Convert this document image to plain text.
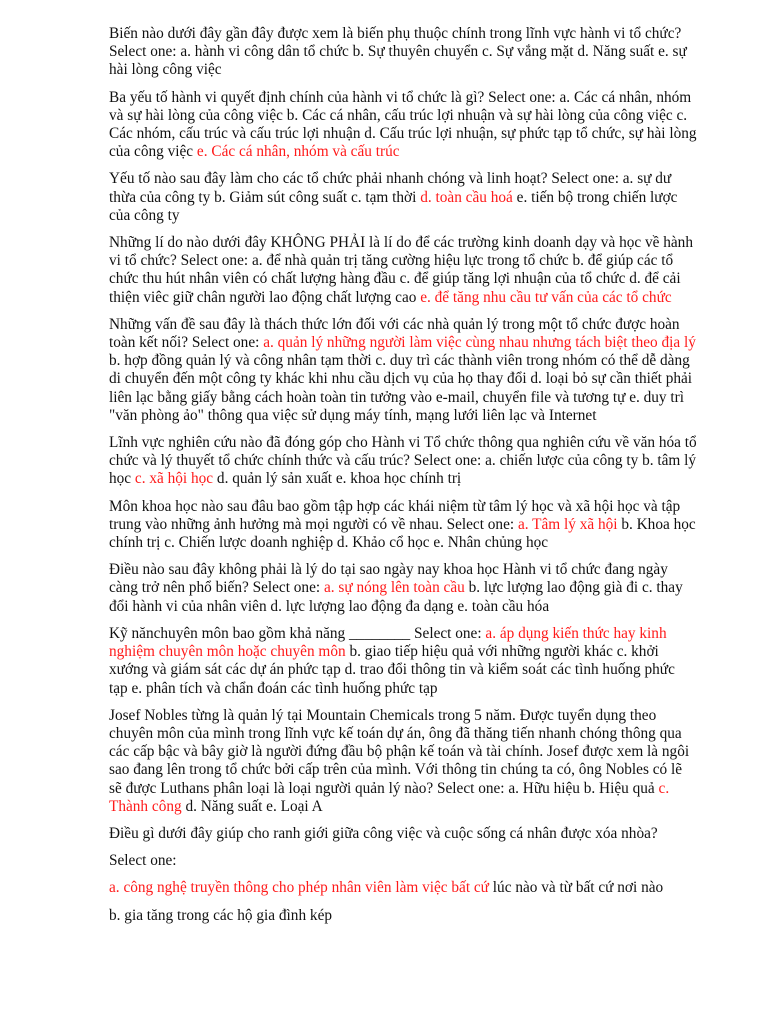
Biến nào dưới đây gần đây được xem là biến phụ thuộc chính trong lĩnh vực hành vi tổ chức? Select one: a. hành vi công dân tổ chức b. Sự thuyên chuyển c. Sự vắng mặt d. Năng suất e. sự hài lòng công việc

Ba yếu tố hành vi quyết định chính của hành vi tổ chức là gì? Select one: a. Các cá nhân, nhóm và sự hài lòng của công việc b. Các cá nhân, cấu trúc lợi nhuận và sự hài lòng của công việc c. Các nhóm, cấu trúc và cấu trúc lợi nhuận d. Cấu trúc lợi nhuận, sự phức tạp tổ chức, sự hài lòng của công việc e. Các cá nhân, nhóm và cấu trúc

Yếu tố nào sau đây làm cho các tổ chức phải nhanh chóng và linh hoạt? Select one: a. sự dư thừa của công ty b. Giảm sút công suất c. tạm thời d. toàn cầu hoá e. tiến bộ trong chiến lược của công ty

Những lí do nào dưới đây KHÔNG PHẢI là lí do để các trường kinh doanh dạy và học về hành vi tổ chức? Select one: a. để nhà quản trị tăng cường hiệu lực trong tổ chức b. để giúp các tổ chức thu hút nhân viên có chất lượng hàng đầu c. để giúp tăng lợi nhuận của tổ chức d. để cải thiện viêc giữ chân người lao động chất lượng cao e. để tăng nhu cầu tư vấn của các tổ chức

Những vấn đề sau đây là thách thức lớn đối với các nhà quản lý trong một tổ chức được hoàn toàn kết nối? Select one: a. quản lý những người làm việc cùng nhau nhưng tách biệt theo địa lý b. hợp đồng quản lý và công nhân tạm thời c. duy trì các thành viên trong nhóm có thể dễ dàng di chuyển đến một công ty khác khi nhu cầu dịch vụ của họ thay đổi d. loại bỏ sự cần thiết phải liên lạc bằng giấy bằng cách hoàn toàn tin tưởng vào e-mail, chuyển file và tương tự e. duy trì "văn phòng ảo" thông qua việc sử dụng máy tính, mạng lưới liên lạc và Internet

Lĩnh vực nghiên cứu nào đã đóng góp cho Hành vi Tổ chức thông qua nghiên cứu về văn hóa tổ chức và lý thuyết tổ chức chính thức và cấu trúc? Select one: a. chiến lược của công ty b. tâm lý học c. xã hội học d. quản lý sản xuất e. khoa học chính trị

Môn khoa học nào sau đâu bao gồm tập hợp các khái niệm từ tâm lý học và xã hội học và tập trung vào những ảnh hưởng mà mọi người có về nhau. Select one: a. Tâm lý xã hội b. Khoa học chính trị c. Chiến lược doanh nghiệp d. Khảo cổ học e. Nhân chủng học

Điều nào sau đây không phải là lý do tại sao ngày nay khoa học Hành vi tổ chức đang ngày càng trở nên phổ biến? Select one: a. sự nóng lên toàn cầu b. lực lượng lao động già đi c. thay đổi hành vi của nhân viên d. lực lượng lao động đa dạng e. toàn cầu hóa

Kỹ nănchuyên môn bao gồm khả năng ________ Select one: a. áp dụng kiến thức hay kinh nghiệm chuyên môn hoặc chuyên môn b. giao tiếp hiệu quả với những người khác c. khởi xướng và giám sát các dự án phức tạp d. trao đổi thông tin và kiểm soát các tình huống phức tạp e. phân tích và chẩn đoán các tình huống phức tạp

Josef Nobles từng là quản lý tại Mountain Chemicals trong 5 năm. Được tuyển dụng theo chuyên môn của mình trong lĩnh vực kế toán dự án, ông đã thăng tiến nhanh chóng thông qua các cấp bậc và bây giờ là người đứng đầu bộ phận kế toán và tài chính. Josef được xem là ngôi sao đang lên trong tổ chức bởi cấp trên của mình. Với thông tin chúng ta có, ông Nobles có lẽ sẽ được Luthans phân loại là loại người quản lý nào? Select one: a. Hữu hiệu b. Hiệu quả c. Thành công d. Năng suất e. Loại A

Điều gì dưới đây giúp cho ranh giới giữa công việc và cuộc sống cá nhân được xóa nhòa?

Select one:

a. công nghệ truyền thông cho phép nhân viên làm việc bất cứ lúc nào và từ bất cứ nơi nào

b. gia tăng trong các hộ gia đình kép
